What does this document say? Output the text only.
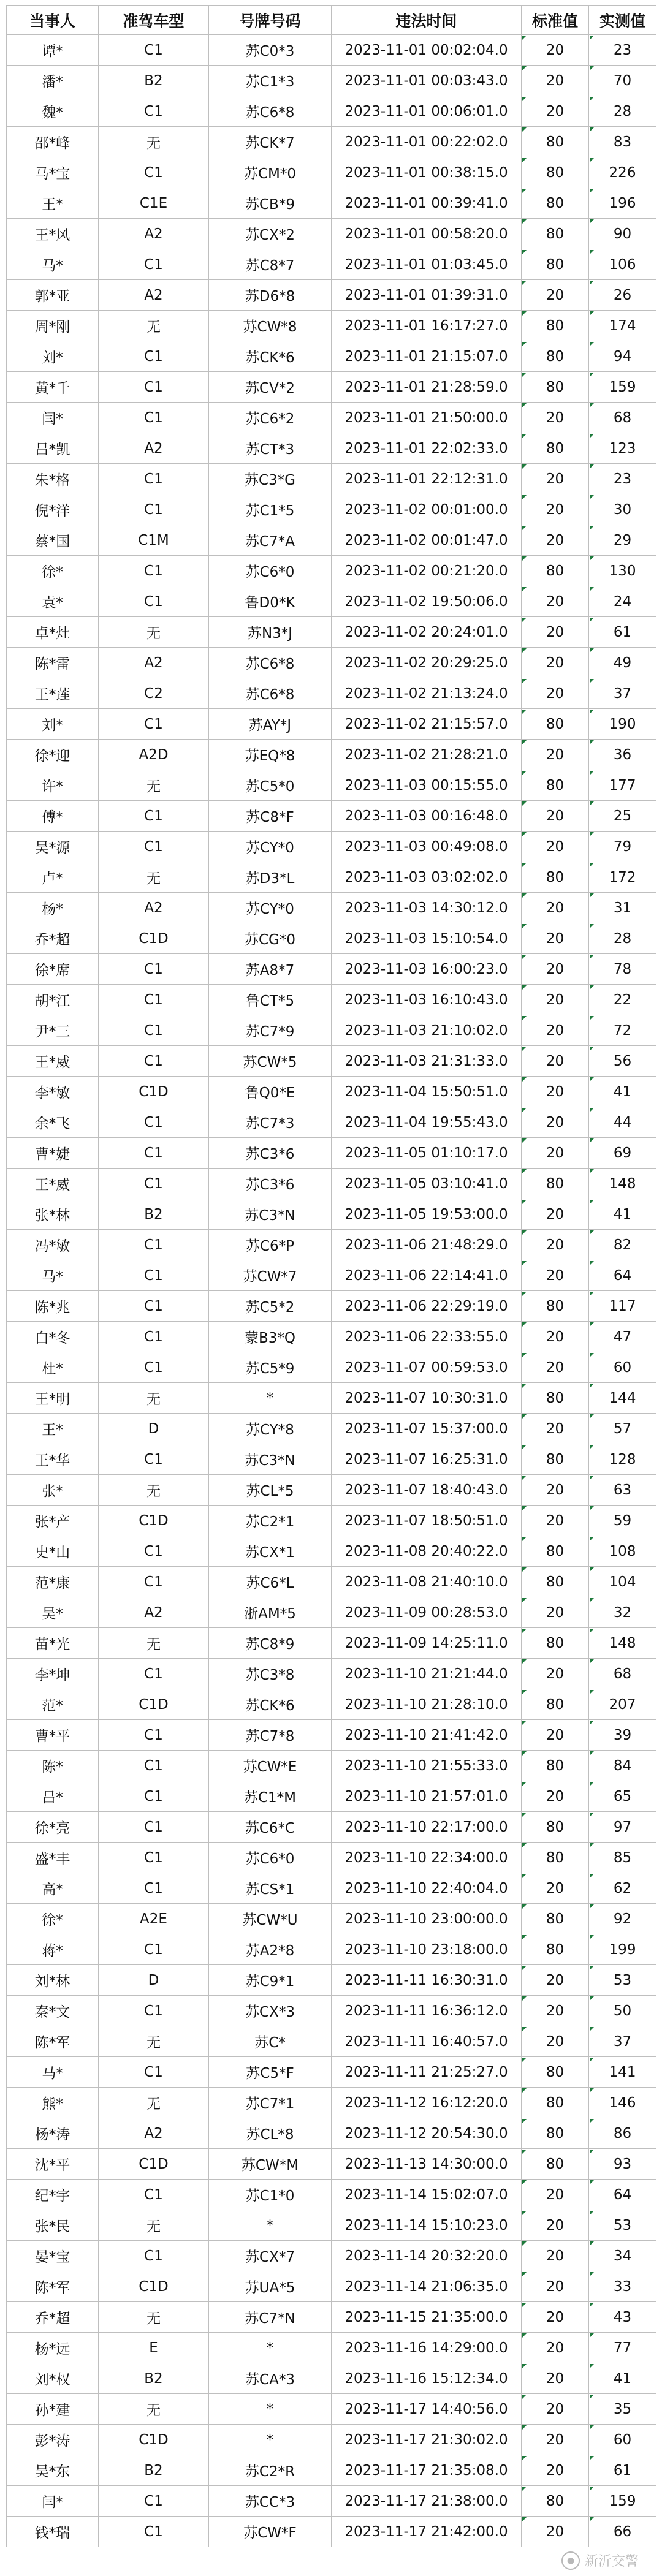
当事人	准驾车型	号牌号码	违法时间	标准值	实测值
谭*	C1	苏C0*3	2023-11-01 00:02:04.0	20	23
潘*	B2	苏C1*3	2023-11-01 00:03:43.0	20	70
魏*	C1	苏C6*8	2023-11-01 00:06:01.0	20	28
邵*峰	无	苏CK*7	2023-11-01 00:22:02.0	80	83
马*宝	C1	苏CM*0	2023-11-01 00:38:15.0	80	226
王*	C1E	苏CB*9	2023-11-01 00:39:41.0	80	196
王*风	A2	苏CX*2	2023-11-01 00:58:20.0	80	90
马*	C1	苏C8*7	2023-11-01 01:03:45.0	80	106
郭*亚	A2	苏D6*8	2023-11-01 01:39:31.0	20	26
周*刚	无	苏CW*8	2023-11-01 16:17:27.0	80	174
刘*	C1	苏CK*6	2023-11-01 21:15:07.0	80	94
黄*千	C1	苏CV*2	2023-11-01 21:28:59.0	80	159
闫*	C1	苏C6*2	2023-11-01 21:50:00.0	20	68
吕*凯	A2	苏CT*3	2023-11-01 22:02:33.0	80	123
朱*格	C1	苏C3*G	2023-11-01 22:12:31.0	20	23
倪*洋	C1	苏C1*5	2023-11-02 00:01:00.0	20	30
蔡*国	C1M	苏C7*A	2023-11-02 00:01:47.0	20	29
徐*	C1	苏C6*0	2023-11-02 00:21:20.0	80	130
袁*	C1	鲁D0*K	2023-11-02 19:50:06.0	20	24
卓*灶	无	苏N3*J	2023-11-02 20:24:01.0	20	61
陈*雷	A2	苏C6*8	2023-11-02 20:29:25.0	20	49
王*莲	C2	苏C6*8	2023-11-02 21:13:24.0	20	37
刘*	C1	苏AY*J	2023-11-02 21:15:57.0	80	190
徐*迎	A2D	苏EQ*8	2023-11-02 21:28:21.0	20	36
许*	无	苏C5*0	2023-11-03 00:15:55.0	80	177
傅*	C1	苏C8*F	2023-11-03 00:16:48.0	20	25
吴*源	C1	苏CY*0	2023-11-03 00:49:08.0	20	79
卢*	无	苏D3*L	2023-11-03 03:02:02.0	80	172
杨*	A2	苏CY*0	2023-11-03 14:30:12.0	20	31
乔*超	C1D	苏CG*0	2023-11-03 15:10:54.0	20	28
徐*席	C1	苏A8*7	2023-11-03 16:00:23.0	20	78
胡*江	C1	鲁CT*5	2023-11-03 16:10:43.0	20	22
尹*三	C1	苏C7*9	2023-11-03 21:10:02.0	20	72
王*威	C1	苏CW*5	2023-11-03 21:31:33.0	20	56
李*敏	C1D	鲁Q0*E	2023-11-04 15:50:51.0	20	41
余*飞	C1	苏C7*3	2023-11-04 19:55:43.0	20	44
曹*婕	C1	苏C3*6	2023-11-05 01:10:17.0	20	69
王*威	C1	苏C3*6	2023-11-05 03:10:41.0	80	148
张*林	B2	苏C3*N	2023-11-05 19:53:00.0	20	41
冯*敏	C1	苏C6*P	2023-11-06 21:48:29.0	20	82
马*	C1	苏CW*7	2023-11-06 22:14:41.0	20	64
陈*兆	C1	苏C5*2	2023-11-06 22:29:19.0	80	117
白*冬	C1	蒙B3*Q	2023-11-06 22:33:55.0	20	47
杜*	C1	苏C5*9	2023-11-07 00:59:53.0	20	60
王*明	无	*	2023-11-07 10:30:31.0	80	144
王*	D	苏CY*8	2023-11-07 15:37:00.0	20	57
王*华	C1	苏C3*N	2023-11-07 16:25:31.0	80	128
张*	无	苏CL*5	2023-11-07 18:40:43.0	20	63
张*产	C1D	苏C2*1	2023-11-07 18:50:51.0	20	59
史*山	C1	苏CX*1	2023-11-08 20:40:22.0	80	108
范*康	C1	苏C6*L	2023-11-08 21:40:10.0	80	104
吴*	A2	浙AM*5	2023-11-09 00:28:53.0	20	32
苗*光	无	苏C8*9	2023-11-09 14:25:11.0	80	148
李*坤	C1	苏C3*8	2023-11-10 21:21:44.0	20	68
范*	C1D	苏CK*6	2023-11-10 21:28:10.0	80	207
曹*平	C1	苏C7*8	2023-11-10 21:41:42.0	20	39
陈*	C1	苏CW*E	2023-11-10 21:55:33.0	80	84
吕*	C1	苏C1*M	2023-11-10 21:57:01.0	20	65
徐*亮	C1	苏C6*C	2023-11-10 22:17:00.0	80	97
盛*丰	C1	苏C6*0	2023-11-10 22:34:00.0	80	85
高*	C1	苏CS*1	2023-11-10 22:40:04.0	20	62
徐*	A2E	苏CW*U	2023-11-10 23:00:00.0	80	92
蒋*	C1	苏A2*8	2023-11-10 23:18:00.0	80	199
刘*林	D	苏C9*1	2023-11-11 16:30:31.0	20	53
秦*文	C1	苏CX*3	2023-11-11 16:36:12.0	20	50
陈*军	无	苏C*	2023-11-11 16:40:57.0	20	37
马*	C1	苏C5*F	2023-11-11 21:25:27.0	80	141
熊*	无	苏C7*1	2023-11-12 16:12:20.0	80	146
杨*涛	A2	苏CL*8	2023-11-12 20:54:30.0	80	86
沈*平	C1D	苏CW*M	2023-11-13 14:30:00.0	80	93
纪*宇	C1	苏C1*0	2023-11-14 15:02:07.0	20	64
张*民	无	*	2023-11-14 15:10:23.0	20	53
晏*宝	C1	苏CX*7	2023-11-14 20:32:20.0	20	34
陈*军	C1D	苏UA*5	2023-11-14 21:06:35.0	20	33
乔*超	无	苏C7*N	2023-11-15 21:35:00.0	20	43
杨*远	E	*	2023-11-16 14:29:00.0	20	77
刘*权	B2	苏CA*3	2023-11-16 15:12:34.0	20	41
孙*建	无	*	2023-11-17 14:40:56.0	20	35
彭*涛	C1D	*	2023-11-17 21:30:02.0	20	60
吴*东	B2	苏C2*R	2023-11-17 21:35:08.0	20	61
闫*	C1	苏CC*3	2023-11-17 21:38:00.0	80	159
钱*瑞	C1	苏CW*F	2023-11-17 21:42:00.0	20	66
● 新沂交警
